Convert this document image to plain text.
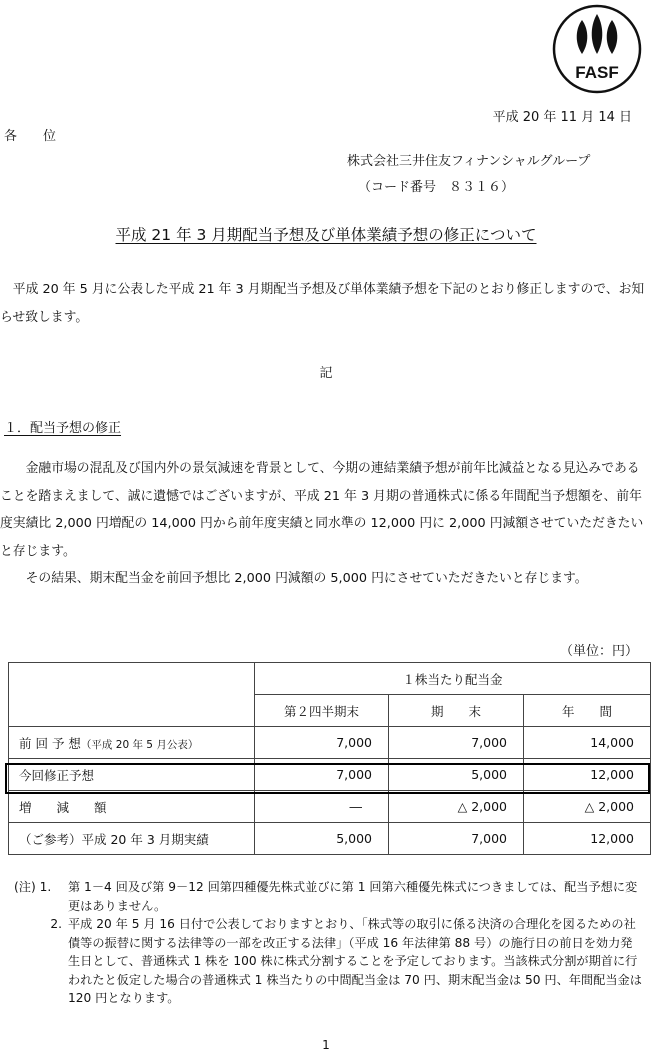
FASF
平成 20 年 11 月 14 日
各　　位
株式会社三井住友フィナンシャルグループ
（コード番号　８３１６）
平成 21 年 3 月期配当予想及び単体業績予想の修正について
　平成 20 年 5 月に公表した平成 21 年 3 月期配当予想及び単体業績予想を下記のとおり修正しますので、お知らせ致します。
記
１．配当予想の修正
　　金融市場の混乱及び国内外の景気減速を背景として、今期の連結業績予想が前年比減益となる見込みであることを踏まえまして、誠に遺憾ではございますが、平成 21 年 3 月期の普通株式に係る年間配当予想額を、前年度実績比 2,000 円増配の 14,000 円から前年度実績と同水準の 12,000 円に 2,000 円減額させていただきたいと存じます。
　　その結果、期末配当金を前回予想比 2,000 円減額の 5,000 円にさせていただきたいと存じます。
（単位：円）
	１株当たり配当金		
	第２四半期末	期　　末	年　　間
前 回 予 想（平成 20 年 5 月公表）	7,000	7,000	14,000
今回修正予想	7,000	5,000	12,000
増　　減　　額	―	△ 2,000	△ 2,000
（ご参考）平成 20 年 3 月期実績	5,000	7,000	12,000
(注) 1.	第 1－4 回及び第 9－12 回第四種優先株式並びに第 1 回第六種優先株式につきましては、配当予想に変更はありません。
2. 平成 20 年 5 月 16 日付で公表しておりますとおり、「株式等の取引に係る決済の合理化を図るための社債等の振替に関する法律等の一部を改正する法律」（平成 16 年法律第 88 号）の施行日の前日を効力発生日として、普通株式 1 株を 100 株に株式分割することを予定しております。当該株式分割が期首に行われたと仮定した場合の普通株式 1 株当たりの中間配当金は 70 円、期末配当金は 50 円、年間配当金は 120 円となります。
1
